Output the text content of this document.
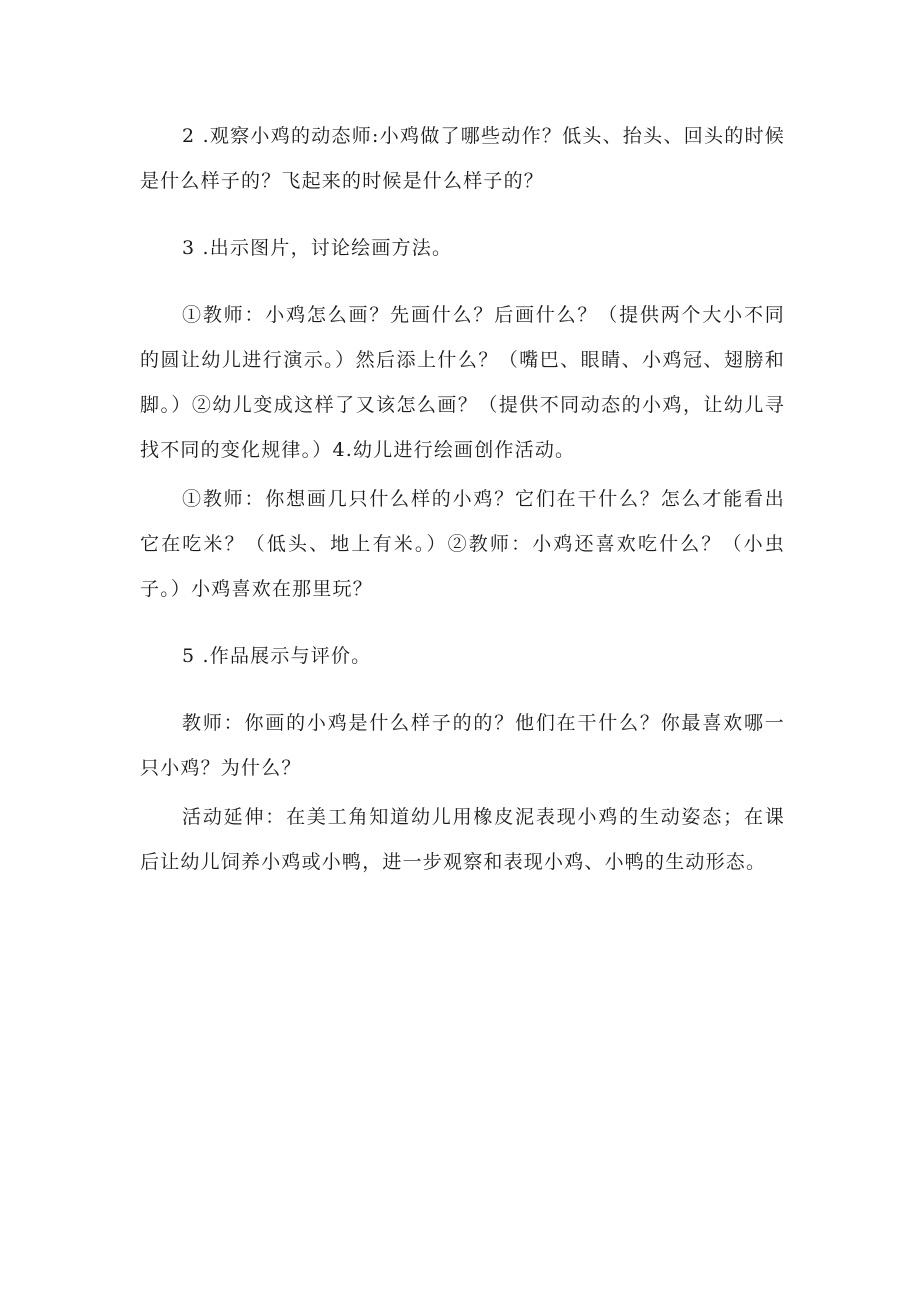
2 .观察小鸡的动态师:小鸡做了哪些动作？低头、抬头、回头的时候是什么样子的？飞起来的时候是什么样子的？

3 .出示图片，讨论绘画方法。

①教师：小鸡怎么画？先画什么？后画什么？（提供两个大小不同的圆让幼儿进行演示。）然后添上什么？（嘴巴、眼睛、小鸡冠、翅膀和脚。）②幼儿变成这样了又该怎么画？（提供不同动态的小鸡，让幼儿寻找不同的变化规律。）4.幼儿进行绘画创作活动。

①教师：你想画几只什么样的小鸡？它们在干什么？怎么才能看出它在吃米？（低头、地上有米。）②教师：小鸡还喜欢吃什么？（小虫子。）小鸡喜欢在那里玩？

5 .作品展示与评价。

教师：你画的小鸡是什么样子的的？他们在干什么？你最喜欢哪一只小鸡？为什么？

活动延伸：在美工角知道幼儿用橡皮泥表现小鸡的生动姿态；在课后让幼儿饲养小鸡或小鸭，进一步观察和表现小鸡、小鸭的生动形态。
